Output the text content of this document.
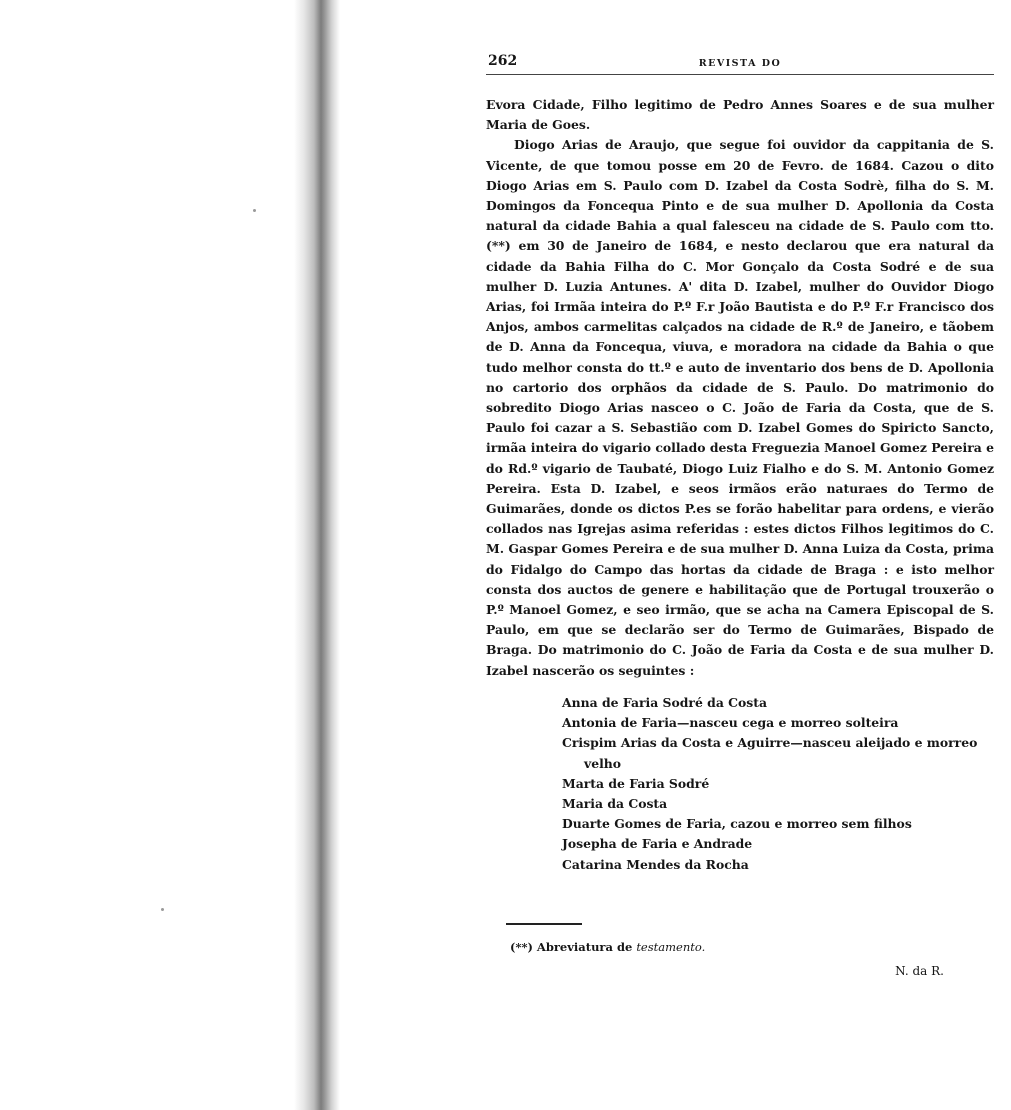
262	REVISTA DO

Evora Cidade, Filho legitimo de Pedro Annes Soares e de sua mulher Maria de Goes.

Diogo Arias de Araujo, que segue foi ouvidor da cappitania de S. Vicente, de que tomou posse em 20 de Fevro. de 1684. Cazou o dito Diogo Arias em S. Paulo com D. Izabel da Costa Sodrè, filha do S. M. Domingos da Foncequa Pinto e de sua mulher D. Apollonia da Costa natural da cidade Bahia a qual falesceu na cidade de S. Paulo com tto. (**) em 30 de Janeiro de 1684, e nesto declarou que era natural da cidade da Bahia Filha do C. Mor Gonçalo da Costa Sodré e de sua mulher D. Luzia Antunes. A' dita D. Izabel, mulher do Ouvidor Diogo Arias, foi Irmãa inteira do P.º F.r João Bautista e do P.º F.r Francisco dos Anjos, ambos carmelitas calçados na cidade de R.º de Janeiro, e tãobem de D. Anna da Foncequa, viuva, e moradora na cidade da Bahia o que tudo melhor consta do tt.º e auto de inventario dos bens de D. Apollonia no cartorio dos orphãos da cidade de S. Paulo. Do matrimonio do sobredito Diogo Arias nasceo o C. João de Faria da Costa, que de S. Paulo foi cazar a S. Sebastião com D. Izabel Gomes do Spiricto Sancto, irmãa inteira do vigario collado desta Freguezia Manoel Gomez Pereira e do Rd.º vigario de Taubaté, Diogo Luiz Fialho e do S. M. Antonio Gomez Pereira. Esta D. Izabel, e seos irmãos erão naturaes do Termo de Guimarães, donde os dictos P.es se forão habelitar para ordens, e vierão collados nas Igrejas asima referidas : estes dictos Filhos legitimos do C. M. Gaspar Gomes Pereira e de sua mulher D. Anna Luiza da Costa, prima do Fidalgo do Campo das hortas da cidade de Braga : e isto melhor consta dos auctos de genere e habilitação que de Portugal trouxerão o P.º Manoel Gomez, e seo irmão, que se acha na Camera Episcopal de S. Paulo, em que se declarão ser do Termo de Guimarães, Bispado de Braga. Do matrimonio do C. João de Faria da Costa e de sua mulher D. Izabel nascerão os seguintes :

Anna de Faria Sodré da Costa
Antonia de Faria—nasceu cega e morreo solteira
Crispim Arias da Costa e Aguirre—nasceu aleijado e morreo velho
Marta de Faria Sodré
Maria da Costa
Duarte Gomes de Faria, cazou e morreo sem filhos
Josepha de Faria e Andrade
Catarina Mendes da Rocha
(**) Abreviatura de testamento.
N. da R.
